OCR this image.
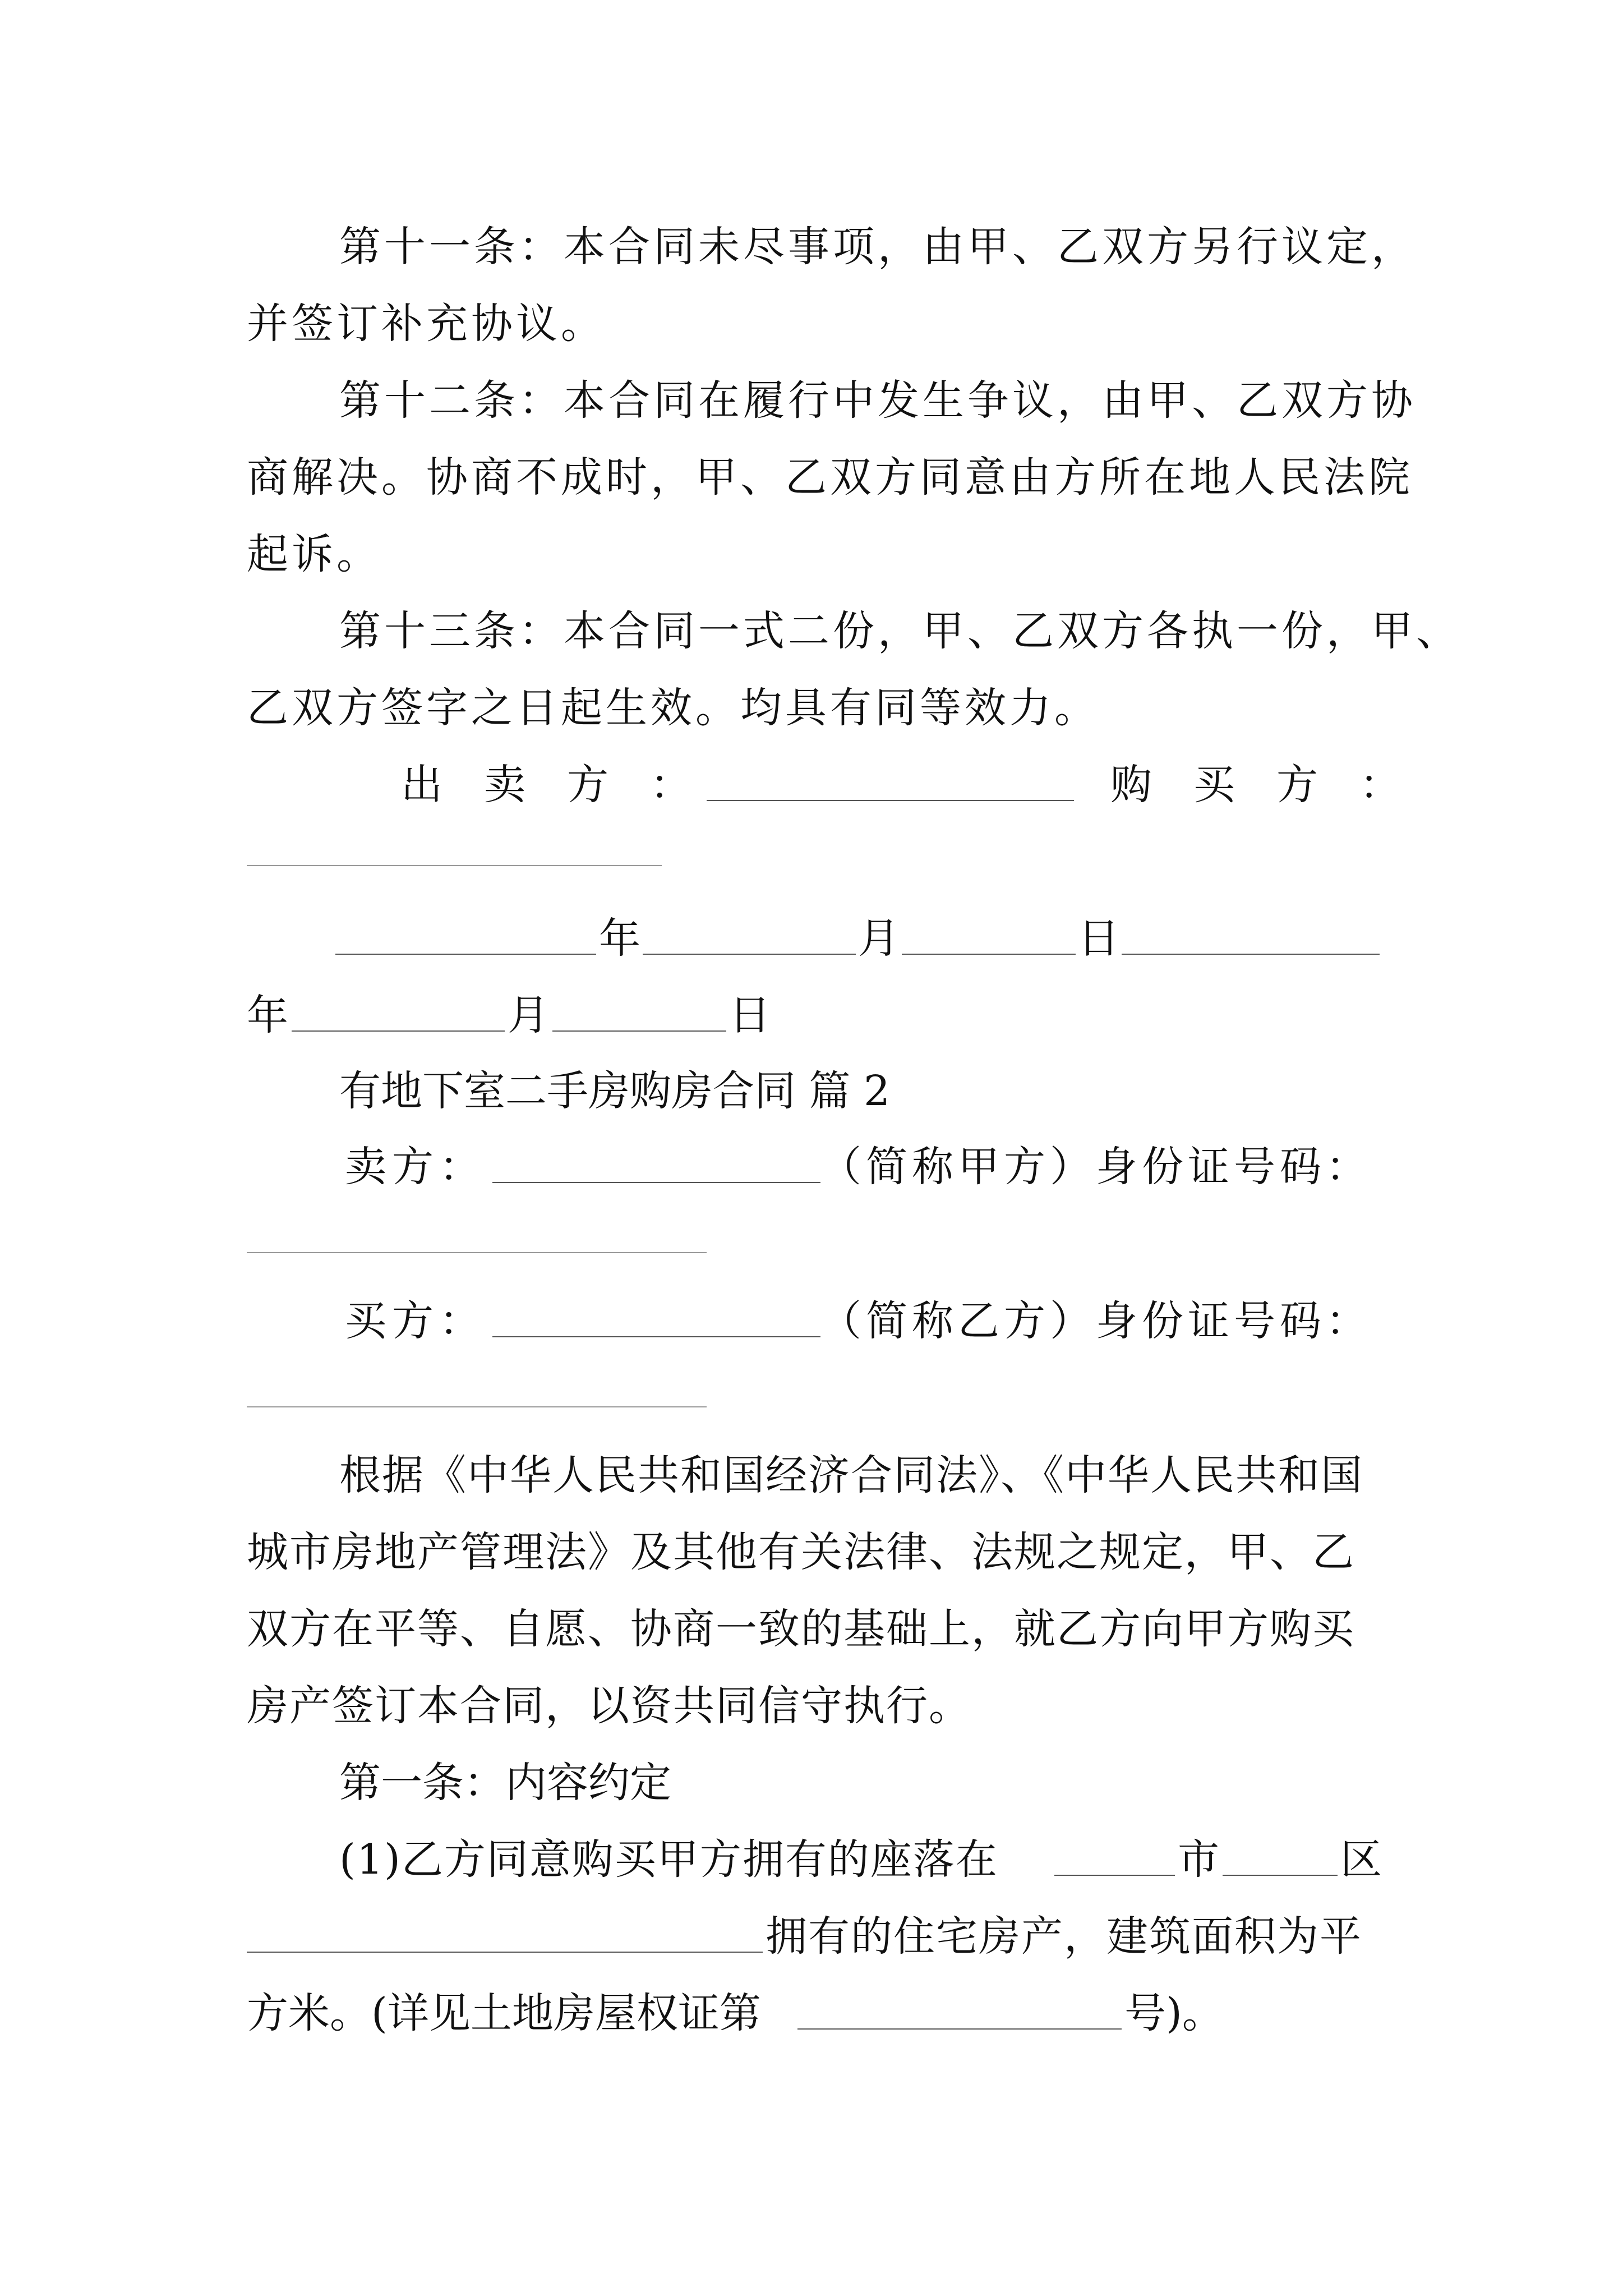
第十一条：本合同未尽事项，由甲、乙双方另行议定，
并签订补充协议。
第十二条：本合同在履行中发生争议，由甲、乙双方协
商解决。协商不成时，甲、乙双方同意由方所在地人民法院
起诉。
第十三条：本合同一式二份，甲、乙双方各执一份，甲、
乙双方签字之日起生效。均具有同等效力。
出　卖　方　：	购　买　方　：
年	月	日
年	月	日
有地下室二手房购房合同 篇 2
卖方：	（简称甲方）身份证号码：
买方：	（简称乙方）身份证号码：
根据《中华人民共和国经济合同法》、《中华人民共和国
城市房地产管理法》及其他有关法律、法规之规定，甲、乙
双方在平等、自愿、协商一致的基础上，就乙方向甲方购买
房产签订本合同，以资共同信守执行。
第一条：内容约定
(1)乙方同意购买甲方拥有的座落在	市	区
拥有的住宅房产，建筑面积为平
方米。(详见土地房屋权证第	号)。
